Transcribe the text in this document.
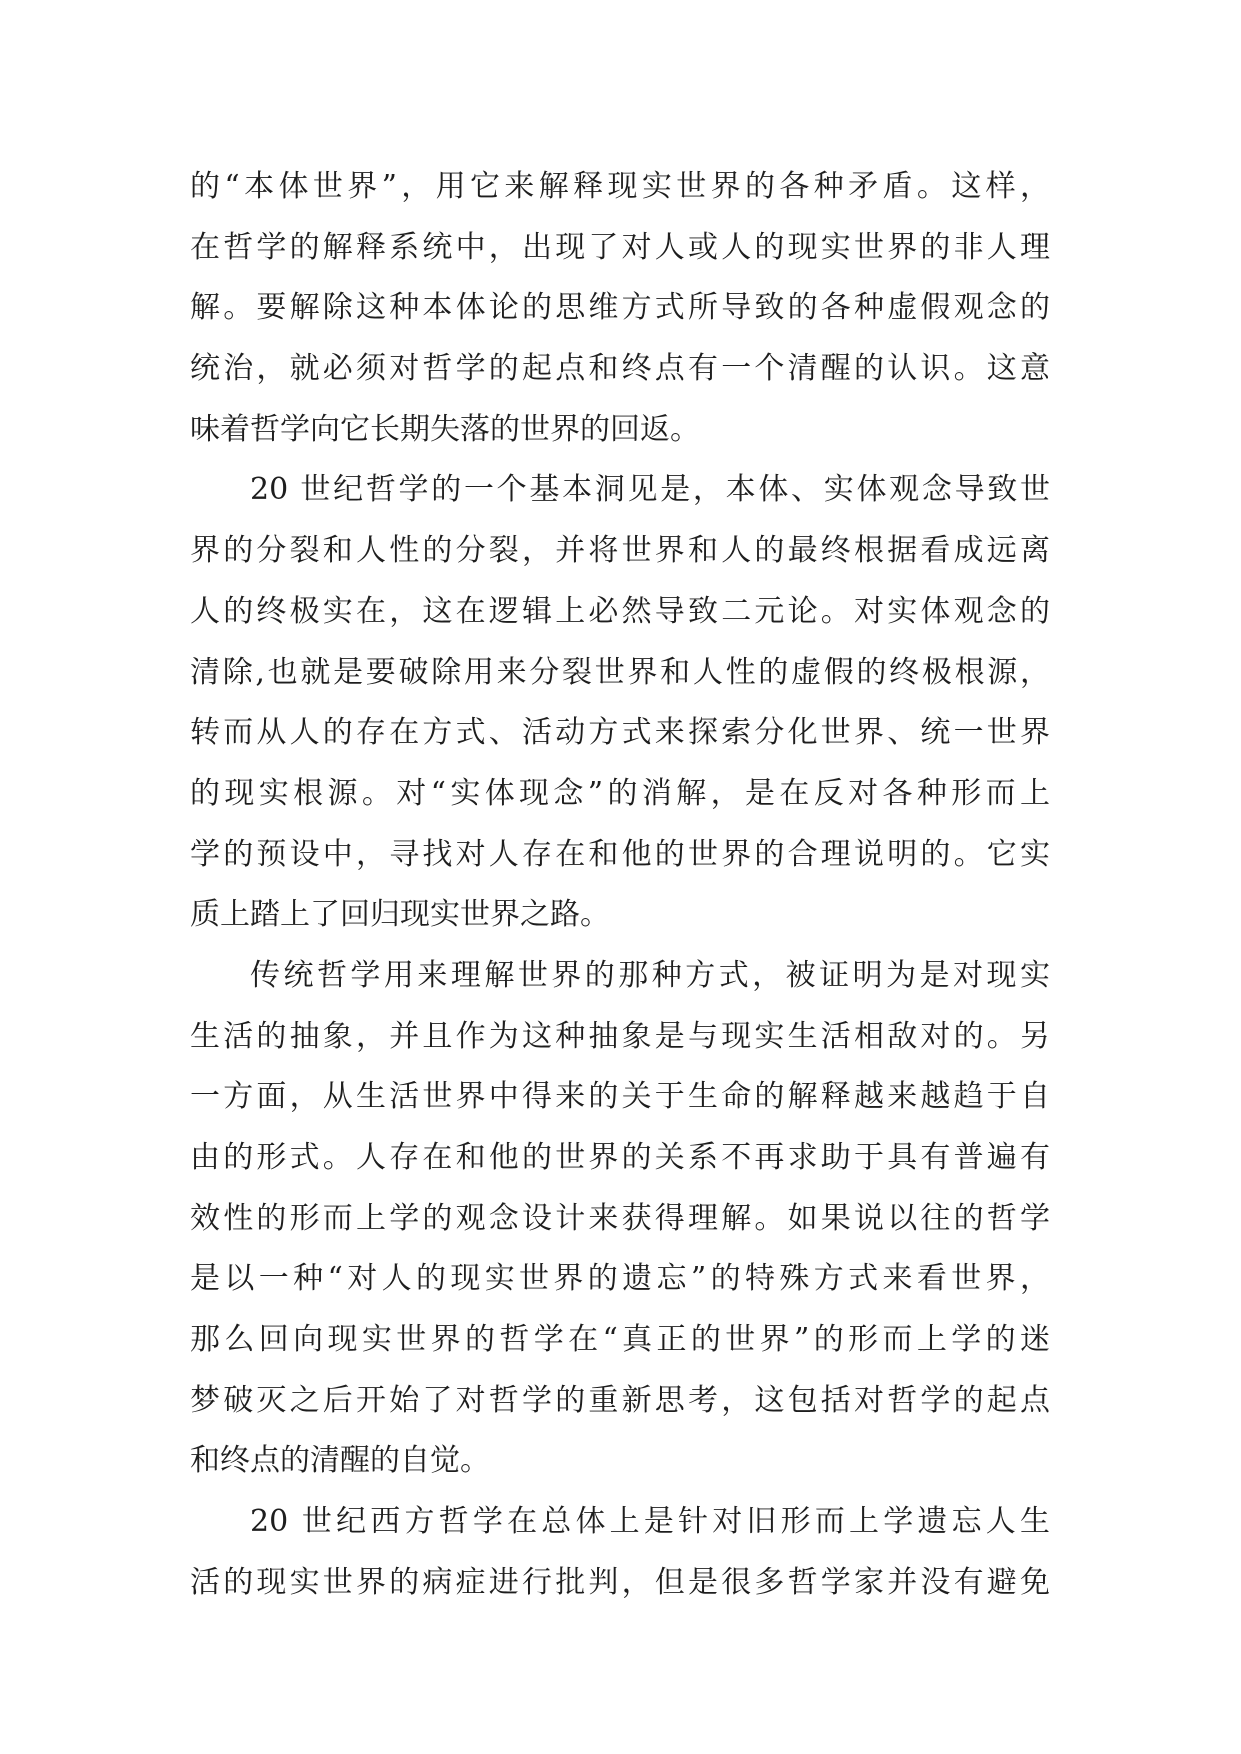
的“本体世界”，用它来解释现实世界的各种矛盾。这样，
在哲学的解释系统中，出现了对人或人的现实世界的非人理
解。要解除这种本体论的思维方式所导致的各种虚假观念的
统治，就必须对哲学的起点和终点有一个清醒的认识。这意
味着哲学向它长期失落的世界的回返。
20 世纪哲学的一个基本洞见是，本体、实体观念导致世
界的分裂和人性的分裂，并将世界和人的最终根据看成远离
人的终极实在，这在逻辑上必然导致二元论。对实体观念的
清除,也就是要破除用来分裂世界和人性的虚假的终极根源，
转而从人的存在方式、活动方式来探索分化世界、统一世界
的现实根源。对“实体现念”的消解，是在反对各种形而上
学的预设中，寻找对人存在和他的世界的合理说明的。它实
质上踏上了回归现实世界之路。
传统哲学用来理解世界的那种方式，被证明为是对现实
生活的抽象，并且作为这种抽象是与现实生活相敌对的。另
一方面，从生活世界中得来的关于生命的解释越来越趋于自
由的形式。人存在和他的世界的关系不再求助于具有普遍有
效性的形而上学的观念设计来获得理解。如果说以往的哲学
是以一种“对人的现实世界的遗忘”的特殊方式来看世界，
那么回向现实世界的哲学在“真正的世界”的形而上学的迷
梦破灭之后开始了对哲学的重新思考，这包括对哲学的起点
和终点的清醒的自觉。
20 世纪西方哲学在总体上是针对旧形而上学遗忘人生
活的现实世界的病症进行批判，但是很多哲学家并没有避免
